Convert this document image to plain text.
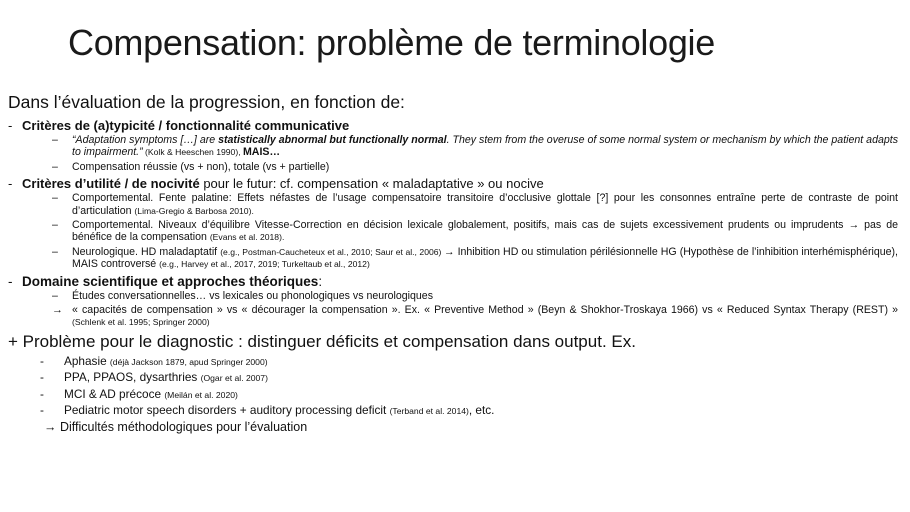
Compensation: problème de terminologie
Dans l’évaluation de la progression, en fonction de:
- Critères de (a)typicité / fonctionnalité communicative
– “Adaptation symptoms […] are statistically abnormal but functionally normal. They stem from the overuse of some normal system or mechanism by which the patient adapts to impairment.” (Kolk & Heeschen 1990), MAIS…
– Compensation réussie (vs + non), totale (vs + partielle)
- Critères d’utilité / de nocivité pour le futur: cf. compensation « maladaptative » ou nocive
– Comportemental. Fente palatine: Effets néfastes de l’usage compensatoire transitoire d’occlusive glottale [?] pour les consonnes entraîne perte de contraste de point d’articulation (Lima-Gregio & Barbosa 2010).
– Comportemental. Niveaux d’équilibre Vitesse-Correction en décision lexicale globalement, positifs, mais cas de sujets excessivement prudents ou imprudents → pas de bénéfice de la compensation (Evans et al. 2018).
– Neurologique. HD maladaptatif (e.g., Postman-Caucheteux et al., 2010; Saur et al., 2006) → Inhibition HD ou stimulation périlésionnelle HG (Hypothèse de l’inhibition interhémisphérique), MAIS controversé (e.g., Harvey et al., 2017, 2019; Turkeltaub et al., 2012)
- Domaine scientifique et approches théoriques:
– Études conversationnelles… vs lexicales ou phonologiques vs neurologiques
→ « capacités de compensation » vs « décourager la compensation ». Ex. « Preventive Method » (Beyn & Shokhor-Troskaya 1966) vs « Reduced Syntax Therapy (REST) » (Schlenk et al. 1995; Springer 2000)
+ Problème pour le diagnostic : distinguer déficits et compensation dans output. Ex.
- Aphasie (déjà Jackson 1879, apud Springer 2000)
- PPA, PPAOS, dysarthries (Ogar et al. 2007)
- MCI & AD précoce (Meilán et al. 2020)
- Pediatric motor speech disorders + auditory processing deficit (Terband et al. 2014), etc.
→ Difficultés méthodologiques pour l’évaluation
